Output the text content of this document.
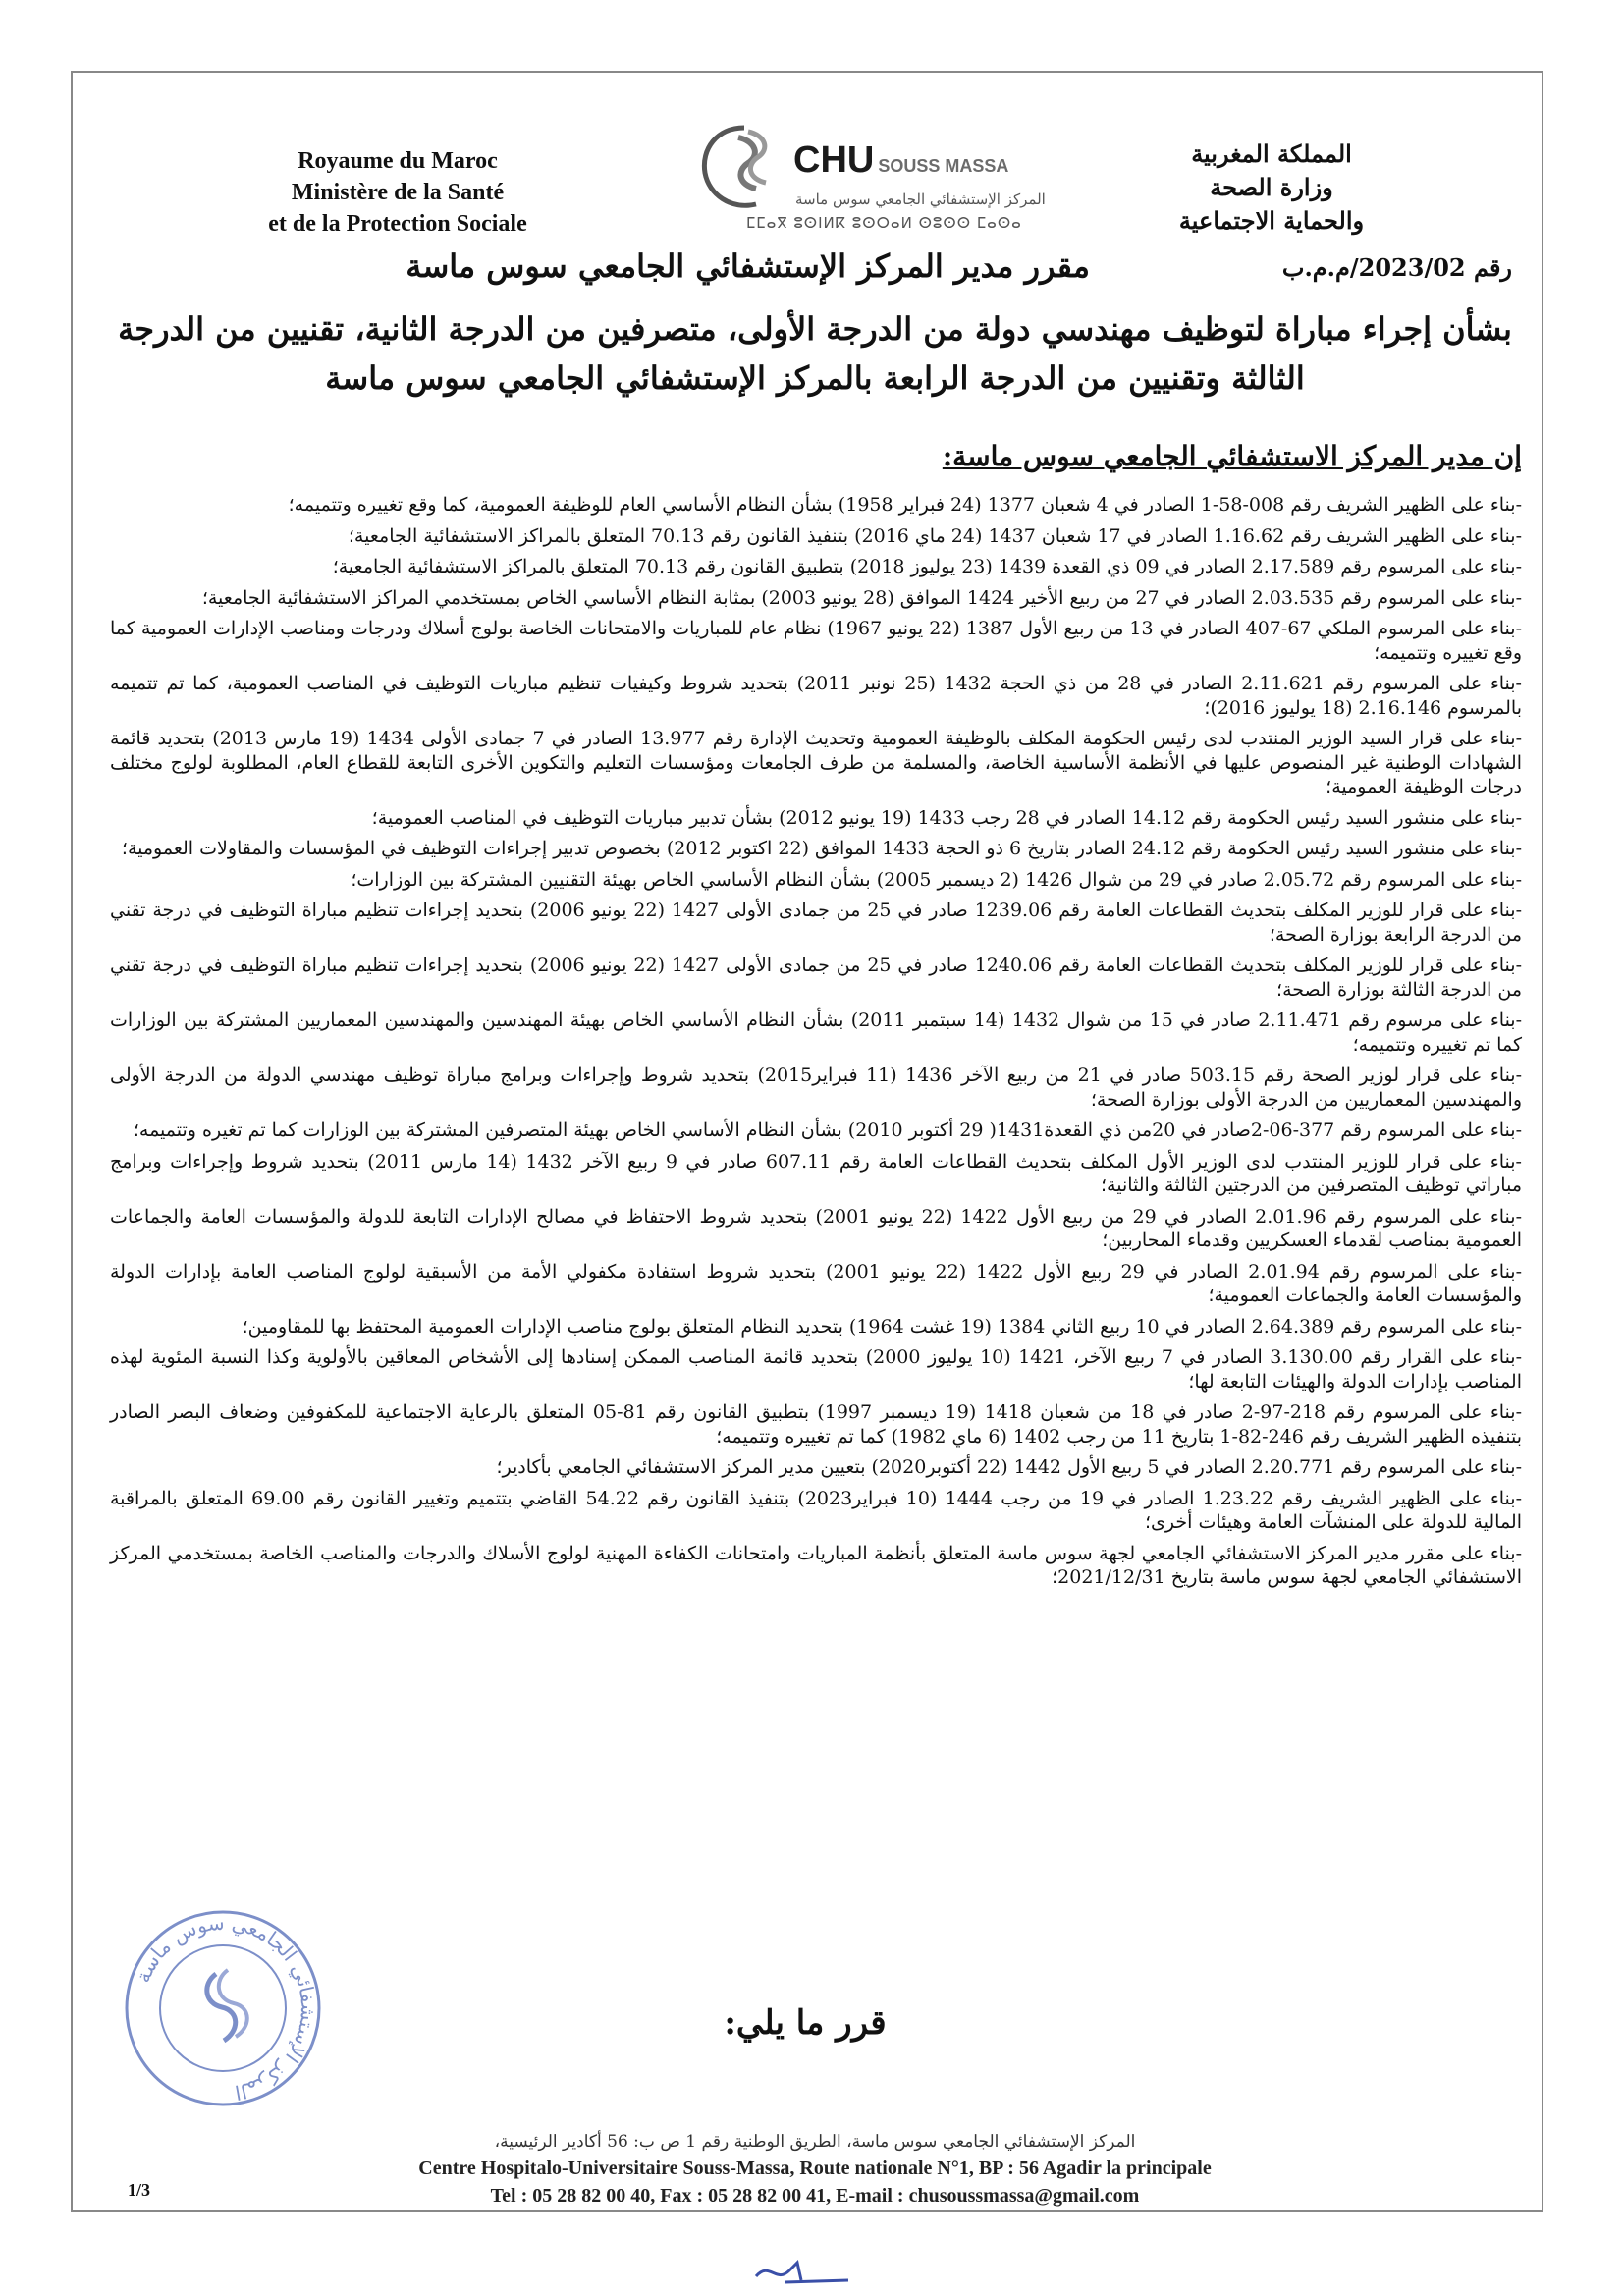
Royaume du Maroc
Ministère de la Santé
et de la Protection Sociale
CHU SOUSS MASSA
المركز الإستشفائي الجامعي سوس ماسة
ⵎⵎⴰⴳ ⵓⵙⵏⵍⴽ ⵓⵙⵔⴰⵍ ⵙⵓⵙⵙ ⵎⴰⵙⴰ
المملكة المغربية
وزارة الصحة
والحماية الاجتماعية
رقم 2023/02/م.م.ب
مقرر مدير المركز الإستشفائي الجامعي سوس ماسة
بشأن إجراء مباراة لتوظيف مهندسي دولة من الدرجة الأولى، متصرفين من الدرجة الثانية، تقنيين من الدرجة الثالثة وتقنيين من الدرجة الرابعة بالمركز الإستشفائي الجامعي سوس ماسة
إن مدير المركز الاستشفائي الجامعي سوس ماسة:
-بناء على الظهير الشريف رقم 008-58-1 الصادر في 4 شعبان 1377 (24 فبراير 1958) بشأن النظام الأساسي العام للوظيفة العمومية، كما وقع تغييره وتتميمه؛
-بناء على الظهير الشريف رقم 1.16.62 الصادر في 17 شعبان 1437 (24 ماي 2016) بتنفيذ القانون رقم 70.13 المتعلق بالمراكز الاستشفائية الجامعية؛
-بناء على المرسوم رقم 2.17.589 الصادر في 09 ذي القعدة 1439 (23 يوليوز 2018) بتطبيق القانون رقم 70.13 المتعلق بالمراكز الاستشفائية الجامعية؛
-بناء على المرسوم رقم 2.03.535 الصادر في 27 من ربيع الأخير 1424 الموافق (28 يونيو 2003) بمثابة النظام الأساسي الخاص بمستخدمي المراكز الاستشفائية الجامعية؛
-بناء على المرسوم الملكي 67-407 الصادر في 13 من ربيع الأول 1387 (22 يونيو 1967) نظام عام للمباريات والامتحانات الخاصة بولوج أسلاك ودرجات ومناصب الإدارات العمومية كما وقع تغييره وتتميمه؛
-بناء على المرسوم رقم 2.11.621 الصادر في 28 من ذي الحجة 1432 (25 نونبر 2011) بتحديد شروط وكيفيات تنظيم مباريات التوظيف في المناصب العمومية، كما تم تتميمه بالمرسوم 2.16.146 (18 يوليوز 2016)؛
-بناء على قرار السيد الوزير المنتدب لدى رئيس الحكومة المكلف بالوظيفة العمومية وتحديث الإدارة رقم 13.977 الصادر في 7 جمادى الأولى 1434 (19 مارس 2013) بتحديد قائمة الشهادات الوطنية غير المنصوص عليها في الأنظمة الأساسية الخاصة، والمسلمة من طرف الجامعات ومؤسسات التعليم والتكوين الأخرى التابعة للقطاع العام، المطلوبة لولوج مختلف درجات الوظيفة العمومية؛
-بناء على منشور السيد رئيس الحكومة رقم 14.12 الصادر في 28 رجب 1433 (19 يونيو 2012) بشأن تدبير مباريات التوظيف في المناصب العمومية؛
-بناء على منشور السيد رئيس الحكومة رقم 24.12 الصادر بتاريخ 6 ذو الحجة 1433 الموافق (22 اكتوبر 2012) بخصوص تدبير إجراءات التوظيف في المؤسسات والمقاولات العمومية؛
-بناء على المرسوم رقم 2.05.72 صادر في 29 من شوال 1426 (2 ديسمبر 2005) بشأن النظام الأساسي الخاص بهيئة التقنيين المشتركة بين الوزارات؛
-بناء على قرار للوزير المكلف بتحديث القطاعات العامة رقم 1239.06 صادر في 25 من جمادى الأولى 1427 (22 يونيو 2006) بتحديد إجراءات تنظيم مباراة التوظيف في درجة تقني من الدرجة الرابعة بوزارة الصحة؛
-بناء على قرار للوزير المكلف بتحديث القطاعات العامة رقم 1240.06 صادر في 25 من جمادى الأولى 1427 (22 يونيو 2006) بتحديد إجراءات تنظيم مباراة التوظيف في درجة تقني من الدرجة الثالثة بوزارة الصحة؛
-بناء على مرسوم رقم 2.11.471 صادر في 15 من شوال 1432 (14 سبتمبر 2011) بشأن النظام الأساسي الخاص بهيئة المهندسين والمهندسين المعماريين المشتركة بين الوزارات كما تم تغييره وتتميمه؛
-بناء على قرار لوزير الصحة رقم 503.15 صادر في 21 من ربيع الآخر 1436 (11 فبراير2015) بتحديد شروط وإجراءات وبرامج مباراة توظيف مهندسي الدولة من الدرجة الأولى والمهندسين المعماريين من الدرجة الأولى بوزارة الصحة؛
-بناء على المرسوم رقم 377-06-2صادر في 20من ذي القعدة1431( 29 أكتوبر 2010) بشأن النظام الأساسي الخاص بهيئة المتصرفين المشتركة بين الوزارات كما تم تغيره وتتميمه؛
-بناء على قرار للوزير المنتدب لدى الوزير الأول المكلف بتحديث القطاعات العامة رقم 607.11 صادر في 9 ربيع الآخر 1432 (14 مارس 2011) بتحديد شروط وإجراءات وبرامج مباراتي توظيف المتصرفين من الدرجتين الثالثة والثانية؛
-بناء على المرسوم رقم 2.01.96 الصادر في 29 من ربيع الأول 1422 (22 يونيو 2001) بتحديد شروط الاحتفاظ في مصالح الإدارات التابعة للدولة والمؤسسات العامة والجماعات العمومية بمناصب لقدماء العسكريين وقدماء المحاربين؛
-بناء على المرسوم رقم 2.01.94 الصادر في 29 ربيع الأول 1422 (22 يونيو 2001) بتحديد شروط استفادة مكفولي الأمة من الأسبقية لولوج المناصب العامة بإدارات الدولة والمؤسسات العامة والجماعات العمومية؛
-بناء على المرسوم رقم 2.64.389 الصادر في 10 ربيع الثاني 1384 (19 غشت 1964) بتحديد النظام المتعلق بولوج مناصب الإدارات العمومية المحتفظ بها للمقاومين؛
-بناء على القرار رقم 3.130.00 الصادر في 7 ربيع الآخر، 1421 (10 يوليوز 2000) بتحديد قائمة المناصب الممكن إسنادها إلى الأشخاص المعاقين بالأولوية وكذا النسبة المئوية لهذه المناصب بإدارات الدولة والهيئات التابعة لها؛
-بناء على المرسوم رقم 218-97-2 صادر في 18 من شعبان 1418 (19 ديسمبر 1997) بتطبيق القانون رقم 81-05 المتعلق بالرعاية الاجتماعية للمكفوفين وضعاف البصر الصادر بتنفيذه الظهير الشريف رقم 246-82-1 بتاريخ 11 من رجب 1402 (6 ماي 1982) كما تم تغييره وتتميمه؛
-بناء على المرسوم رقم 2.20.771 الصادر في 5 ربيع الأول 1442 (22 أكتوبر2020) بتعيين مدير المركز الاستشفائي الجامعي بأكادير؛
-بناء على الظهير الشريف رقم 1.23.22 الصادر في 19 من رجب 1444 (10 فبراير2023) بتنفيذ القانون رقم 54.22 القاضي بتتميم وتغيير القانون رقم 69.00 المتعلق بالمراقبة المالية للدولة على المنشآت العامة وهيئات أخرى؛
-بناء على مقرر مدير المركز الاستشفائي الجامعي لجهة سوس ماسة المتعلق بأنظمة المباريات وامتحانات الكفاءة المهنية لولوج الأسلاك والدرجات والمناصب الخاصة بمستخدمي المركز الاستشفائي الجامعي لجهة سوس ماسة بتاريخ 2021/12/31؛
قرر ما يلي:
المركز الإستشفائي الجامعي سوس ماسة
1/3
المركز الإستشفائي الجامعي سوس ماسة، الطريق الوطنية رقم 1 ص ب: 56 أكادير الرئيسية،
Centre Hospitalo-Universitaire Souss-Massa, Route nationale N°1, BP : 56 Agadir la principale
Tel : 05 28 82 00 40, Fax : 05 28 82 00 41, E-mail : chusoussmassa@gmail.com
